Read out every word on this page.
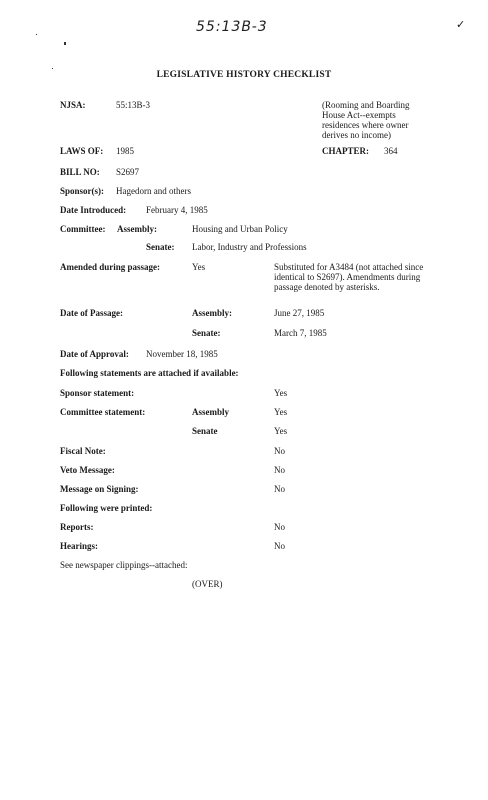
55:13B-3	✓
LEGISLATIVE HISTORY CHECKLIST
NJSA:	55:13B-3	(Rooming and Boarding House Act--exempts residences where owner derives no income)
LAWS OF: 1985	CHAPTER: 364
BILL NO: S2697
Sponsor(s): Hagedorn and others
Date Introduced: February 4, 1985
Committee: Assembly:	Housing and Urban Policy
Senate: Labor, Industry and Professions
Amended during passage:	Yes	Substituted for A3484 (not attached since identical to S2697). Amendments during passage denoted by asterisks.
Date of Passage:	Assembly:	June 27, 1985
Senate:	March 7, 1985
Date of Approval: November 18, 1985
Following statements are attached if available:
Sponsor statement:	Yes
Committee statement:	Assembly	Yes
Senate	Yes
Fiscal Note:	No
Veto Message:	No
Message on Signing:	No
Following were printed:
Reports:	No
Hearings:	No
See newspaper clippings--attached:
(OVER)
